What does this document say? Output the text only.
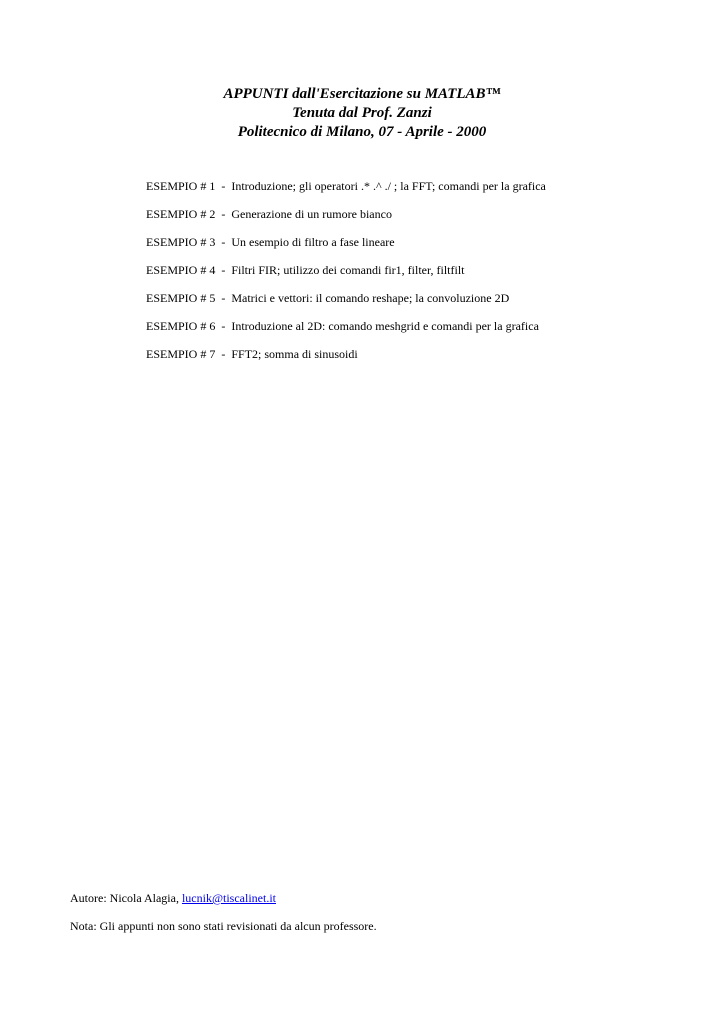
APPUNTI dall'Esercitazione su MATLAB™
Tenuta dal Prof. Zanzi
Politecnico di Milano, 07 - Aprile - 2000
ESEMPIO # 1 - Introduzione; gli operatori .* .^ ./ ; la FFT; comandi per la grafica
ESEMPIO # 2 - Generazione di un rumore bianco
ESEMPIO # 3 - Un esempio di filtro a fase lineare
ESEMPIO # 4 - Filtri FIR; utilizzo dei comandi fir1, filter, filtfilt
ESEMPIO # 5 - Matrici e vettori: il comando reshape; la convoluzione 2D
ESEMPIO # 6 - Introduzione al 2D: comando meshgrid e comandi per la grafica
ESEMPIO # 7 - FFT2; somma di sinusoidi
Autore: Nicola Alagia, lucnik@tiscalinet.it
Nota: Gli appunti non sono stati revisionati da alcun professore.
